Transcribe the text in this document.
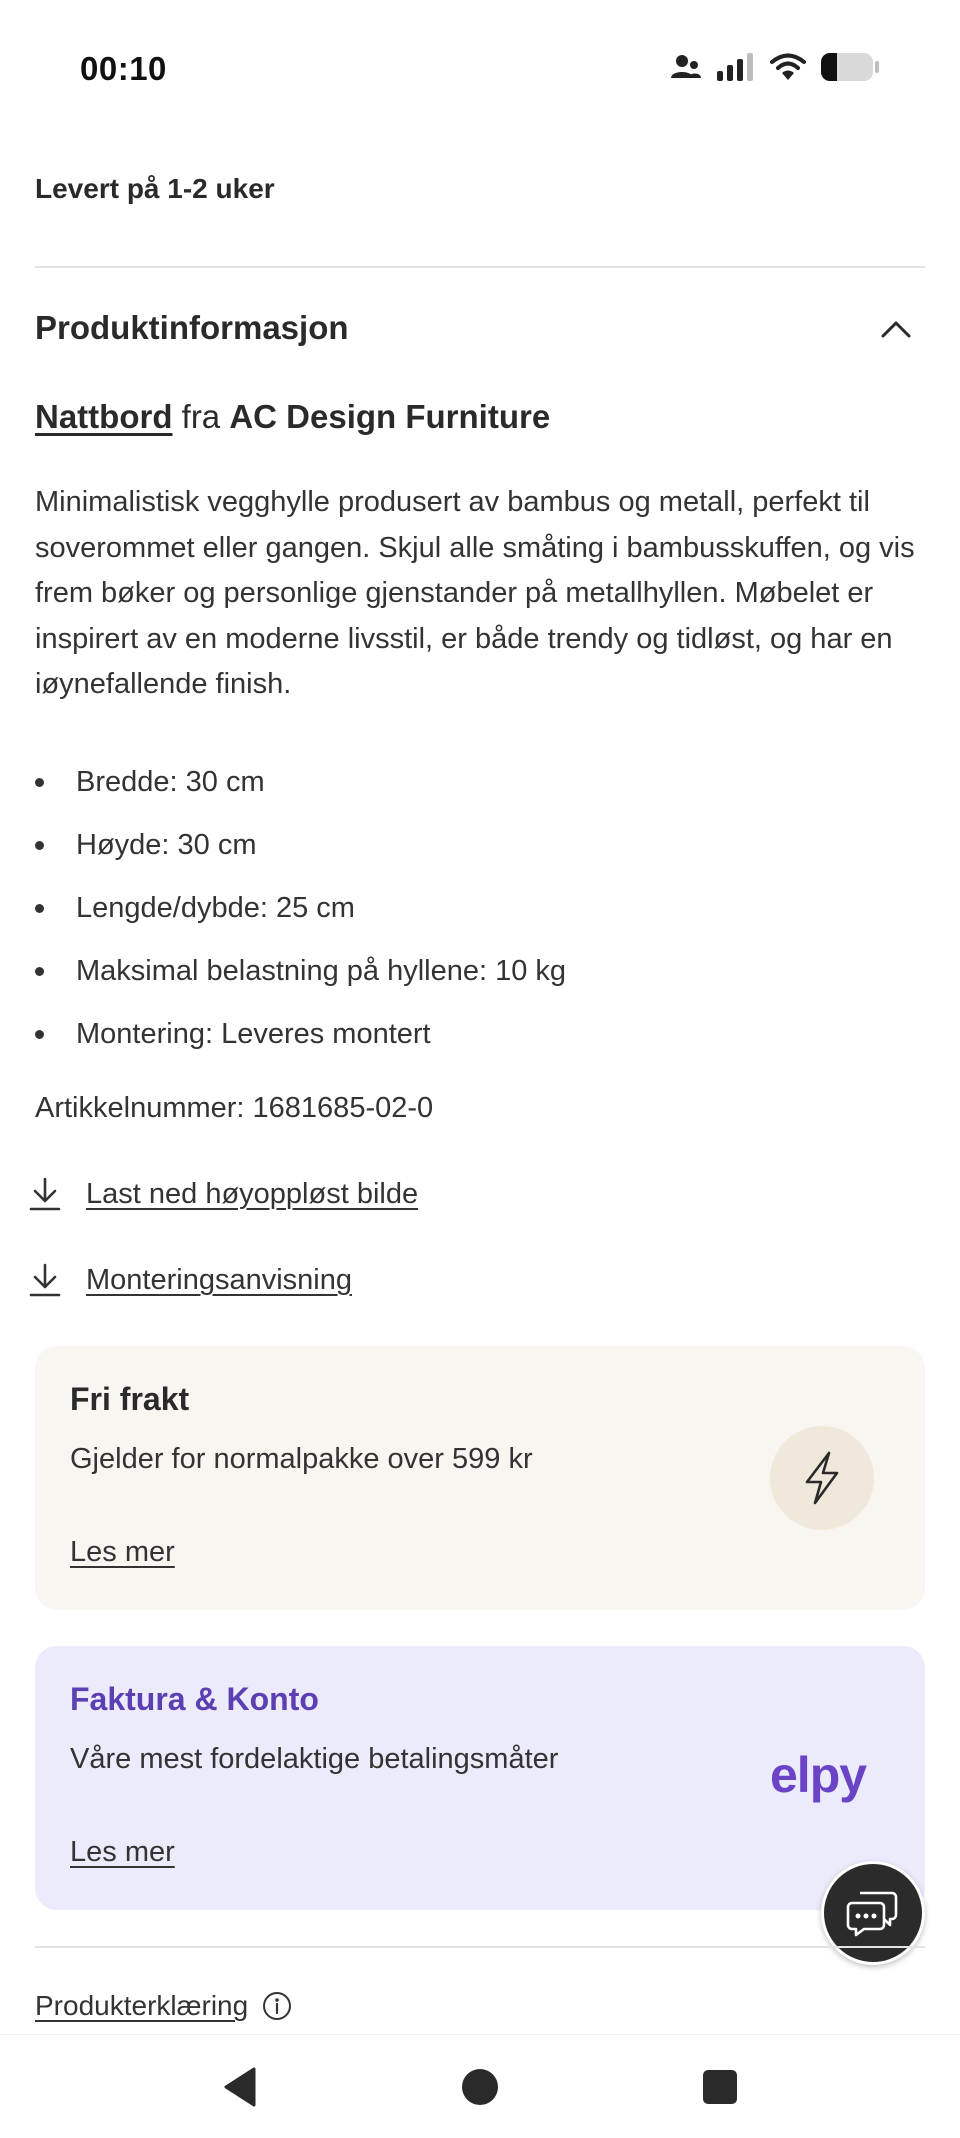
00:10
Levert på 1-2 uker
Produktinformasjon
Nattbord fra AC Design Furniture

Minimalistisk vegghylle produsert av bambus og metall, perfekt til soverommet eller gangen. Skjul alle småting i bambusskuffen, og vis frem bøker og personlige gjenstander på metallhyllen. Møbelet er inspirert av en moderne livsstil, er både trendy og tidløst, og har en iøynefallende finish.

Bredde: 30 cm
Høyde: 30 cm
Lengde/dybde: 25 cm
Maksimal belastning på hyllene: 10 kg
Montering: Leveres montert
Artikkelnummer: 1681685-02-0
Last ned høyoppløst bilde
Monteringsanvisning
Fri frakt
Gjelder for normalpakke over 599 kr
Les mer
Faktura & Konto
Våre mest fordelaktige betalingsmåter
Les mer
elpy
Produkterklæring
